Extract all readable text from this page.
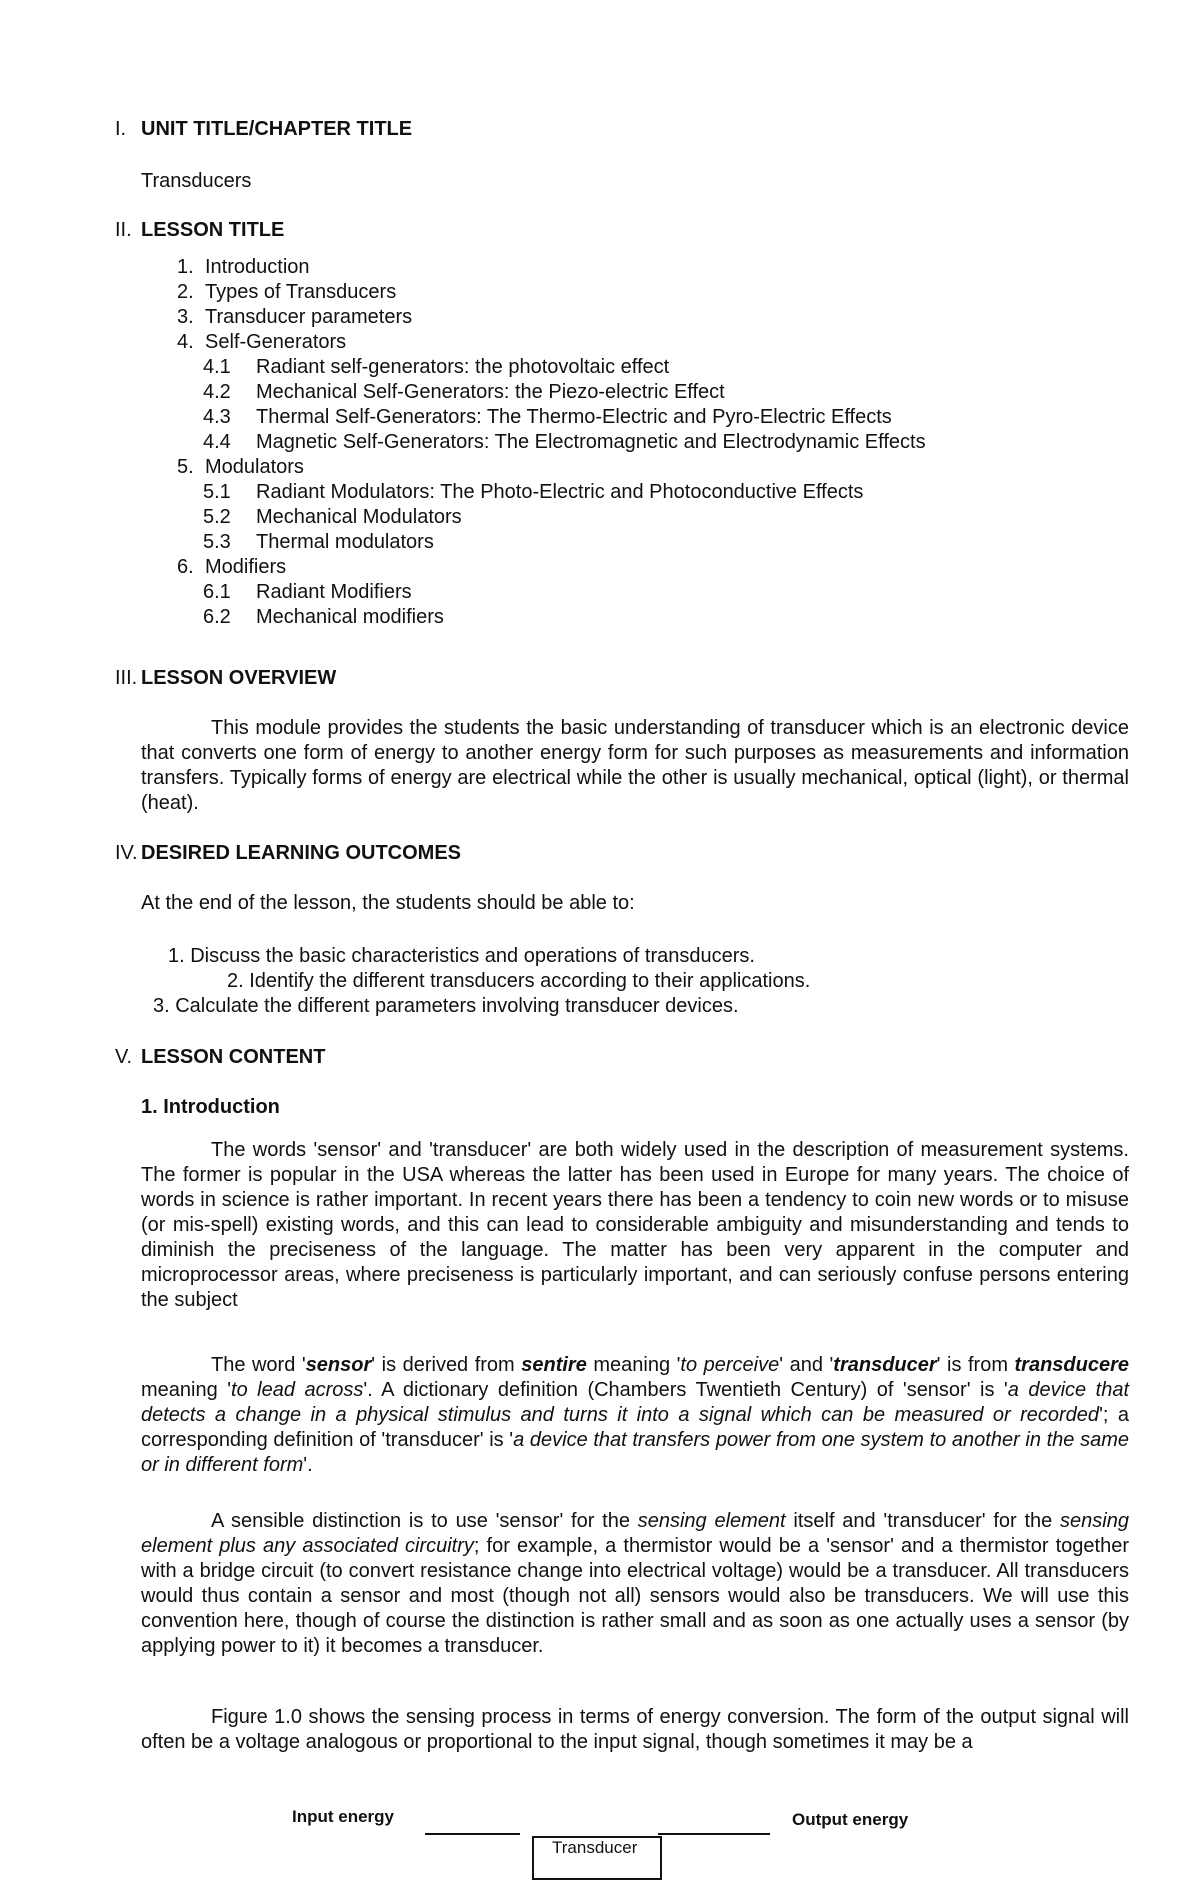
I. UNIT TITLE/CHAPTER TITLE
Transducers
II. LESSON TITLE
1. Introduction
2. Types of Transducers
3. Transducer parameters
4. Self-Generators
4.1 Radiant self-generators: the photovoltaic effect
4.2 Mechanical Self-Generators: the Piezo-electric Effect
4.3 Thermal Self-Generators: The Thermo-Electric and Pyro-Electric Effects
4.4 Magnetic Self-Generators: The Electromagnetic and Electrodynamic Effects
5. Modulators
5.1 Radiant Modulators: The Photo-Electric and Photoconductive Effects
5.2 Mechanical Modulators
5.3 Thermal modulators
6. Modifiers
6.1 Radiant Modifiers
6.2 Mechanical modifiers
III. LESSON OVERVIEW

This module provides the students the basic understanding of transducer which is an electronic device that converts one form of energy to another energy form for such purposes as measurements and information transfers. Typically forms of energy are electrical while the other is usually mechanical, optical (light), or thermal (heat).

IV. DESIRED LEARNING OUTCOMES
At the end of the lesson, the students should be able to:
1. Discuss the basic characteristics and operations of transducers.
2. Identify the different transducers according to their applications.
3. Calculate the different parameters involving transducer devices.
V. LESSON CONTENT
1. Introduction

The words 'sensor' and 'transducer' are both widely used in the description of measurement systems. The former is popular in the USA whereas the latter has been used in Europe for many years. The choice of words in science is rather important. In recent years there has been a tendency to coin new words or to misuse (or mis-spell) existing words, and this can lead to considerable ambiguity and misunderstanding and tends to diminish the preciseness of the language. The matter has been very apparent in the computer and microprocessor areas, where preciseness is particularly important, and can seriously confuse persons entering the subject

The word 'sensor' is derived from sentire meaning 'to perceive' and 'transducer' is from transducere meaning 'to lead across'. A dictionary definition (Chambers Twentieth Century) of 'sensor' is 'a device that detects a change in a physical stimulus and turns it into a signal which can be measured or recorded'; a corresponding definition of 'transducer' is 'a device that transfers power from one system to another in the same or in different form'.

A sensible distinction is to use 'sensor' for the sensing element itself and 'transducer' for the sensing element plus any associated circuitry; for example, a thermistor would be a 'sensor' and a thermistor together with a bridge circuit (to convert resistance change into electrical voltage) would be a transducer. All transducers would thus contain a sensor and most (though not all) sensors would also be transducers. We will use this convention here, though of course the distinction is rather small and as soon as one actually uses a sensor (by applying power to it) it becomes a transducer.

Figure 1.0 shows the sensing process in terms of energy conversion. The form of the output signal will often be a voltage analogous or proportional to the input signal, though sometimes it may be a

Input energy	Output energy
Transducer
